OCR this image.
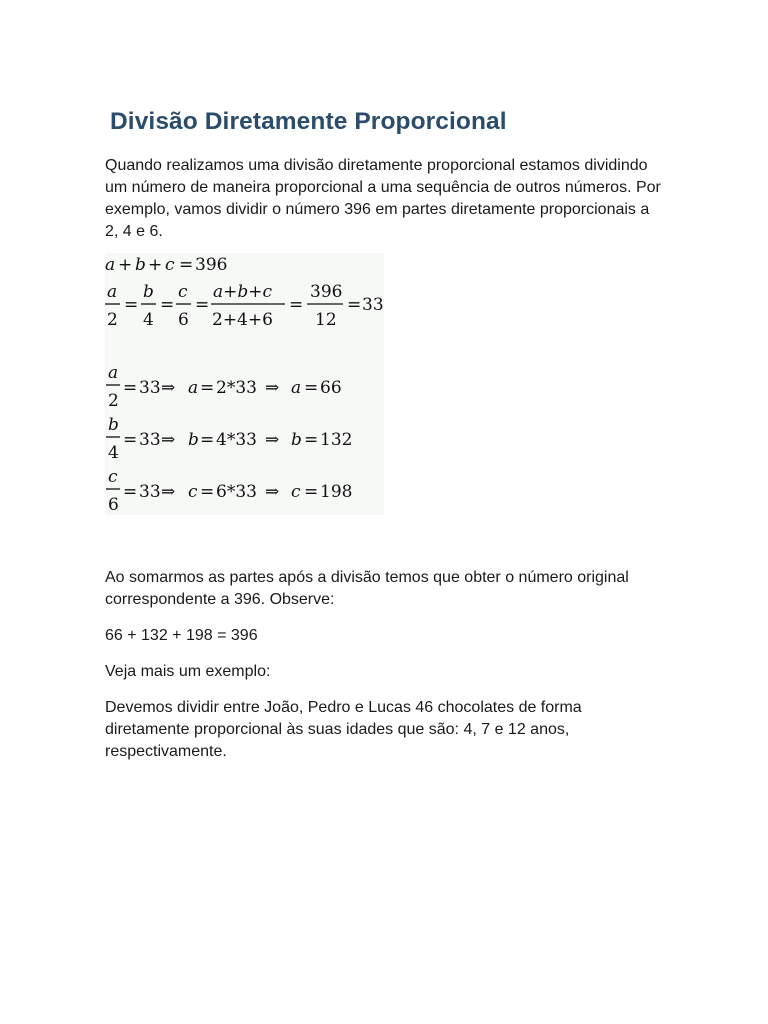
Divisão Diretamente Proporcional

Quando realizamos uma divisão diretamente proporcional estamos dividindo um número de maneira proporcional a uma sequência de outros números. Por exemplo, vamos dividir o número 396 em partes diretamente proporcionais a 2, 4 e 6.

a + b + c = 396
a
2
=
b
4
=
c
6
=
a+b+c
2+4+6
=
396
12
= 33
a
2
= 33 ⇒ a = 2*33 ⇒ a = 66
b
4
= 33 ⇒ b = 4*33 ⇒ b = 132
c
6
= 33 ⇒ c = 6*33 ⇒ c = 198

Ao somarmos as partes após a divisão temos que obter o número original correspondente a 396. Observe:

66 + 132 + 198 = 396

Veja mais um exemplo:

Devemos dividir entre João, Pedro e Lucas 46 chocolates de forma diretamente proporcional às suas idades que são: 4, 7 e 12 anos, respectivamente.
